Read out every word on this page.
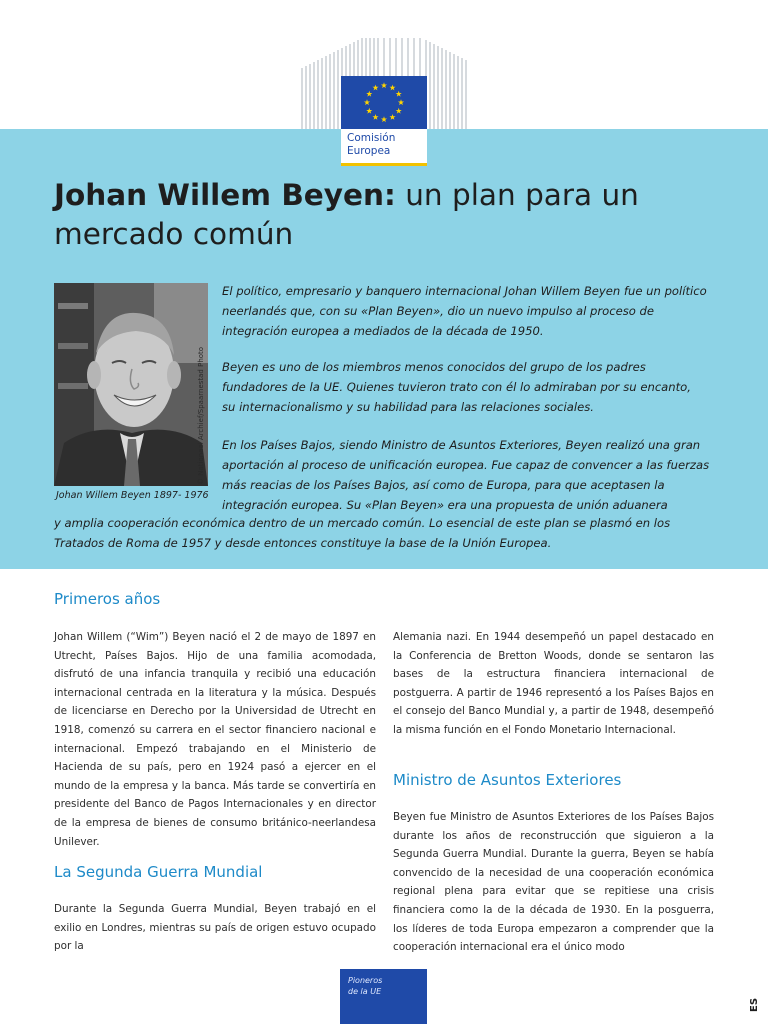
Comisión
Europea
Johan Willem Beyen: un plan para un
mercado común
© Nationaal Archief/Spaarnestad Photo
Johan Willem Beyen 1897- 1976

El político, empresario y banquero internacional Johan Willem Beyen fue un político neerlandés que, con su «Plan Beyen», dio un nuevo impulso al proceso de integración europea a mediados de la década de 1950.

Beyen es uno de los miembros menos conocidos del grupo de los padres fundadores de la UE. Quienes tuvieron trato con él lo admiraban por su encanto, su internacionalismo y su habilidad para las relaciones sociales.

En los Países Bajos, siendo Ministro de Asuntos Exteriores, Beyen realizó una gran aportación al proceso de unificación europea. Fue capaz de convencer a las fuerzas más reacias de los Países Bajos, así como de Europa, para que aceptasen la integración europea. Su «Plan Beyen» era una propuesta de unión aduanera

y amplia cooperación económica dentro de un mercado común. Lo esencial de este plan se plasmó en los Tratados de Roma de 1957 y desde entonces constituye la base de la Unión Europea.

Primeros años

Johan Willem (“Wim”) Beyen nació el 2 de mayo de 1897 en Utrecht, Países Bajos. Hijo de una familia acomodada, disfrutó de una infancia tranquila y recibió una educación internacional centrada en la literatura y la música. Después de licenciarse en Derecho por la Universidad de Utrecht en 1918, comenzó su carrera en el sector financiero nacional e internacional. Empezó trabajando en el Ministerio de Hacienda de su país, pero en 1924 pasó a ejercer en el mundo de la empresa y la banca. Más tarde se convertiría en presidente del Banco de Pagos Internacionales y en director de la empresa de bienes de consumo británico-neerlandesa Unilever.

La Segunda Guerra Mundial

Durante la Segunda Guerra Mundial, Beyen trabajó en el exilio en Londres, mientras su país de origen estuvo ocupado por la

Alemania nazi. En 1944 desempeñó un papel destacado en la Conferencia de Bretton Woods, donde se sentaron las bases de la estructura financiera internacional de postguerra. A partir de 1946 representó a los Países Bajos en el consejo del Banco Mundial y, a partir de 1948, desempeñó la misma función en el Fondo Monetario Internacional.

Ministro de Asuntos Exteriores

Beyen fue Ministro de Asuntos Exteriores de los Países Bajos durante los años de reconstrucción que siguieron a la Segunda Guerra Mundial. Durante la guerra, Beyen se había convencido de la necesidad de una cooperación económica regional plena para evitar que se repitiese una crisis financiera como la de la década de 1930. En la posguerra, los líderes de toda Europa empezaron a comprender que la cooperación internacional era el único modo

Pioneros
de la UE
ES
